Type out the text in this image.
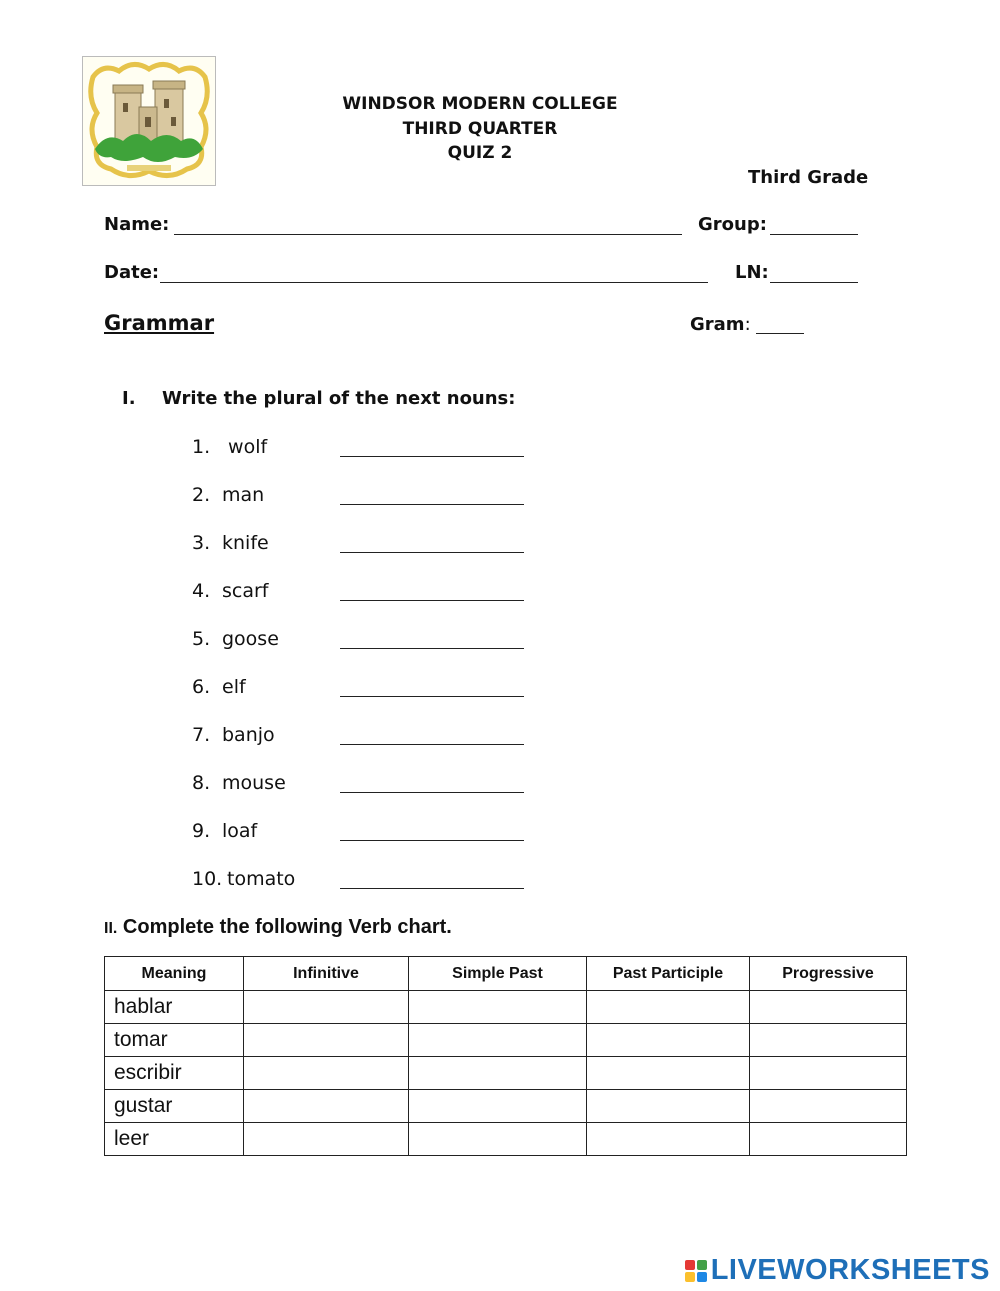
WINDSOR MODERN COLLEGE
THIRD QUARTER
QUIZ 2
Third Grade
Name:	Group:
Date:	LN:
Grammar	Gram:
I. Write the plural of the next nouns:
1. wolf
2. man
3. knife
4. scarf
5. goose
6. elf
7. banjo
8. mouse
9. loaf
10. tomato
II. Complete the following Verb chart.
Meaning	Infinitive	Simple Past	Past Participle	Progressive
hablar				
tomar				
escribir				
gustar				
leer				
LIVEWORKSHEETS
